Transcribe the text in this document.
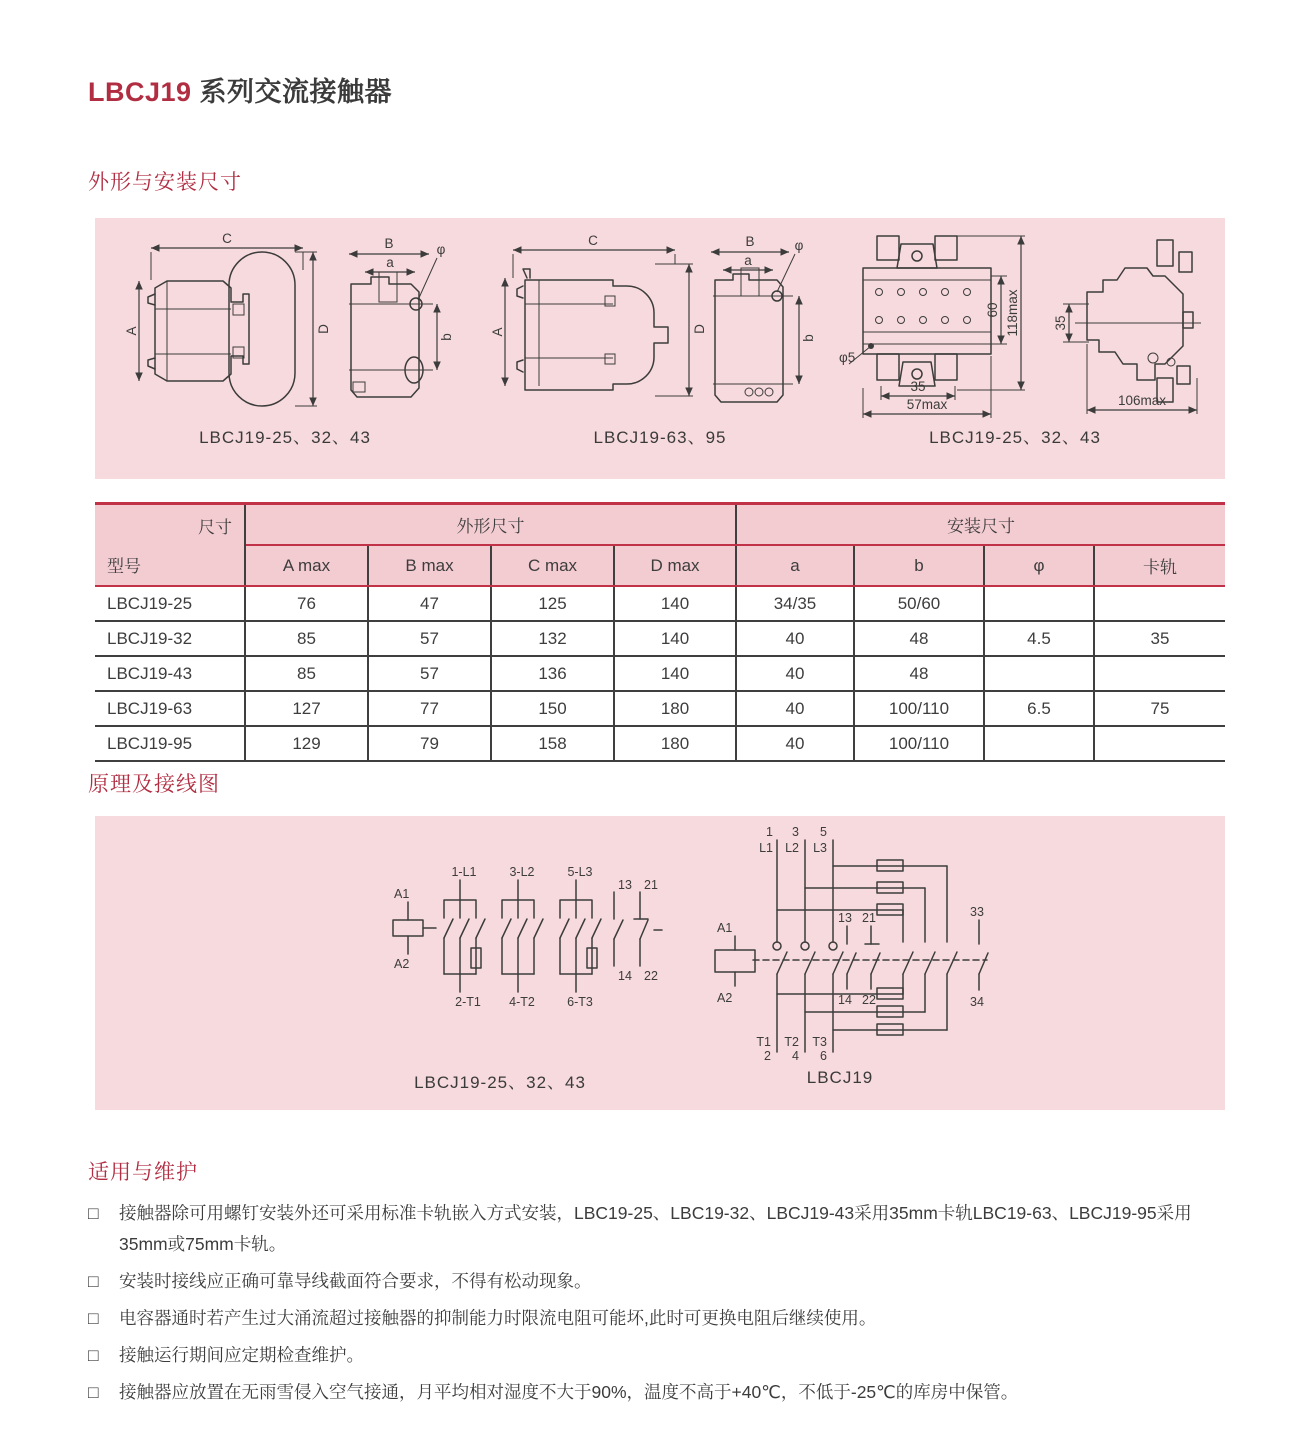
LBCJ19 系列交流接触器
外形与安装尺寸
C
A	D
B
a
φ
b
C
A	D
B
a
φ
b
φ5
35
57max
60 118max 35
106max
LBCJ19-25、32、43	LBCJ19-63、95	LBCJ19-25、32、43
尺寸
型号	外形尺寸				安装尺寸			
	A max	B max	C max	D max	a	b	φ	卡轨
LBCJ19-25	76	47	125	140	34/35	50/60		
LBCJ19-32	85	57	132	140	40	48	4.5	35
LBCJ19-43	85	57	136	140	40	48		
LBCJ19-63	127	77	150	180	40	100/110	6.5	75
LBCJ19-95	129	79	158	180	40	100/110		
原理及接线图
A1
A2
1-L1
2-T1
3-L2
4-T2
5-L3
6-T3
13
14
21
22
1 3 5
L1 L2 L3
A1
A2
13 21
14 22
33
34
T1
2
T2
4
T3
6
LBCJ19-25、32、43	LBCJ19
适用与维护
□ 接触器除可用螺钉安装外还可采用标准卡轨嵌入方式安装，LBC19-25、LBC19-32、LBCJ19-43采用35mm卡轨LBC19-63、LBCJ19-95采用35mm或75mm卡轨。
□ 安装时接线应正确可靠导线截面符合要求，不得有松动现象。
□ 电容器通时若产生过大涌流超过接触器的抑制能力时限流电阻可能坏,此时可更换电阻后继续使用。
□ 接触运行期间应定期检查维护。
□ 接触器应放置在无雨雪侵入空气接通，月平均相对湿度不大于90%，温度不高于+40℃，不低于-25℃的库房中保管。
